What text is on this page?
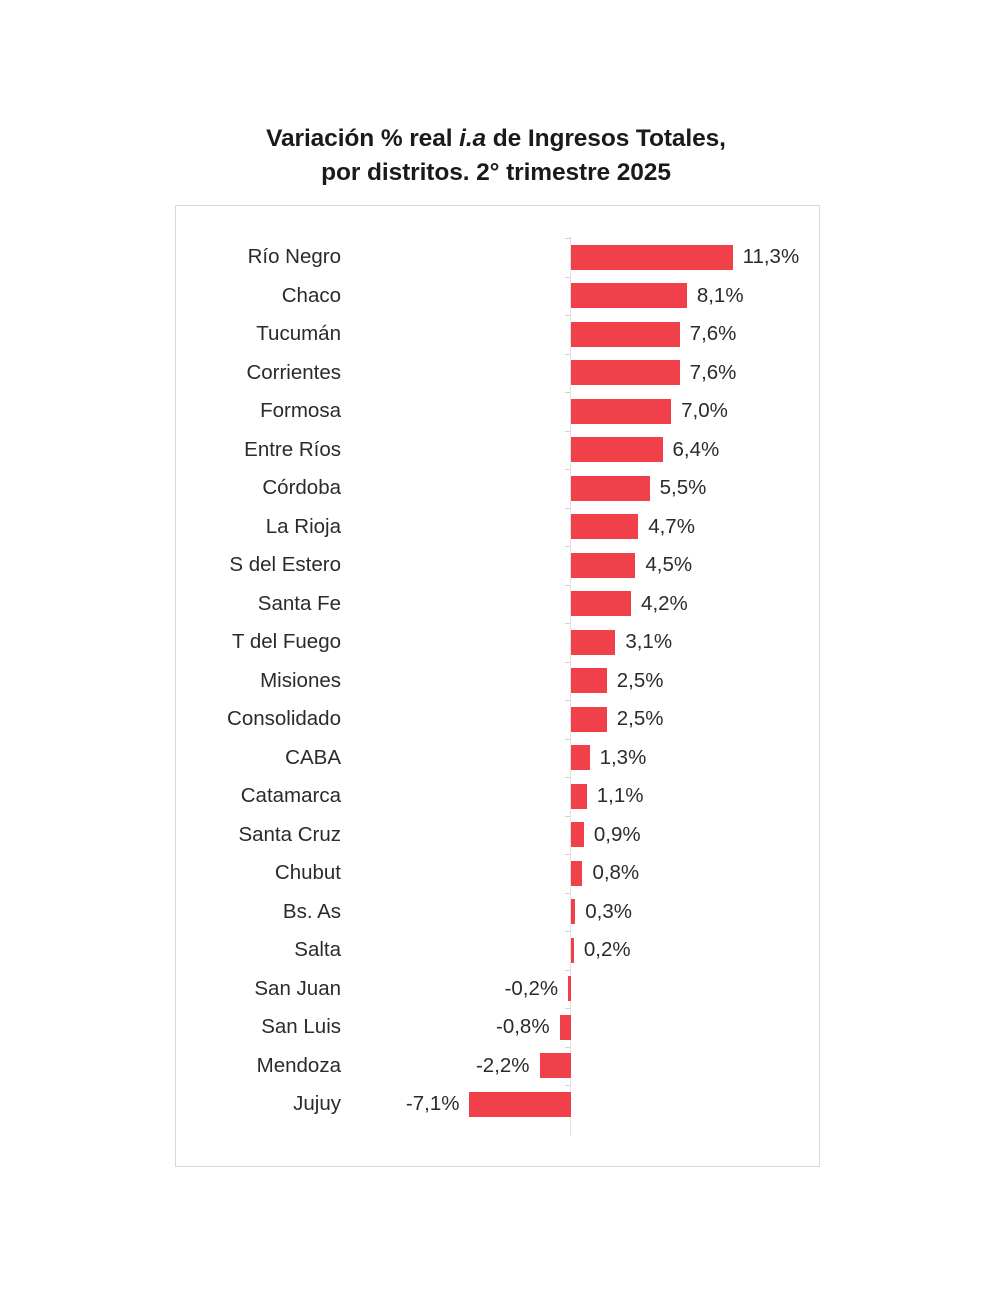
Variación % real i.a de Ingresos Totales,
por distritos. 2° trimestre 2025
Río Negro	11,3%
Chaco	8,1%
Tucumán	7,6%
Corrientes	7,6%
Formosa	7,0%
Entre Ríos	6,4%
Córdoba	5,5%
La Rioja	4,7%
S del Estero	4,5%
Santa Fe	4,2%
T del Fuego	3,1%
Misiones	2,5%
Consolidado	2,5%
CABA	1,3%
Catamarca	1,1%
Santa Cruz	0,9%
Chubut	0,8%
Bs. As	0,3%
Salta	0,2%
San Juan	-0,2%
San Luis	-0,8%
Mendoza	-2,2%
Jujuy	-7,1%
